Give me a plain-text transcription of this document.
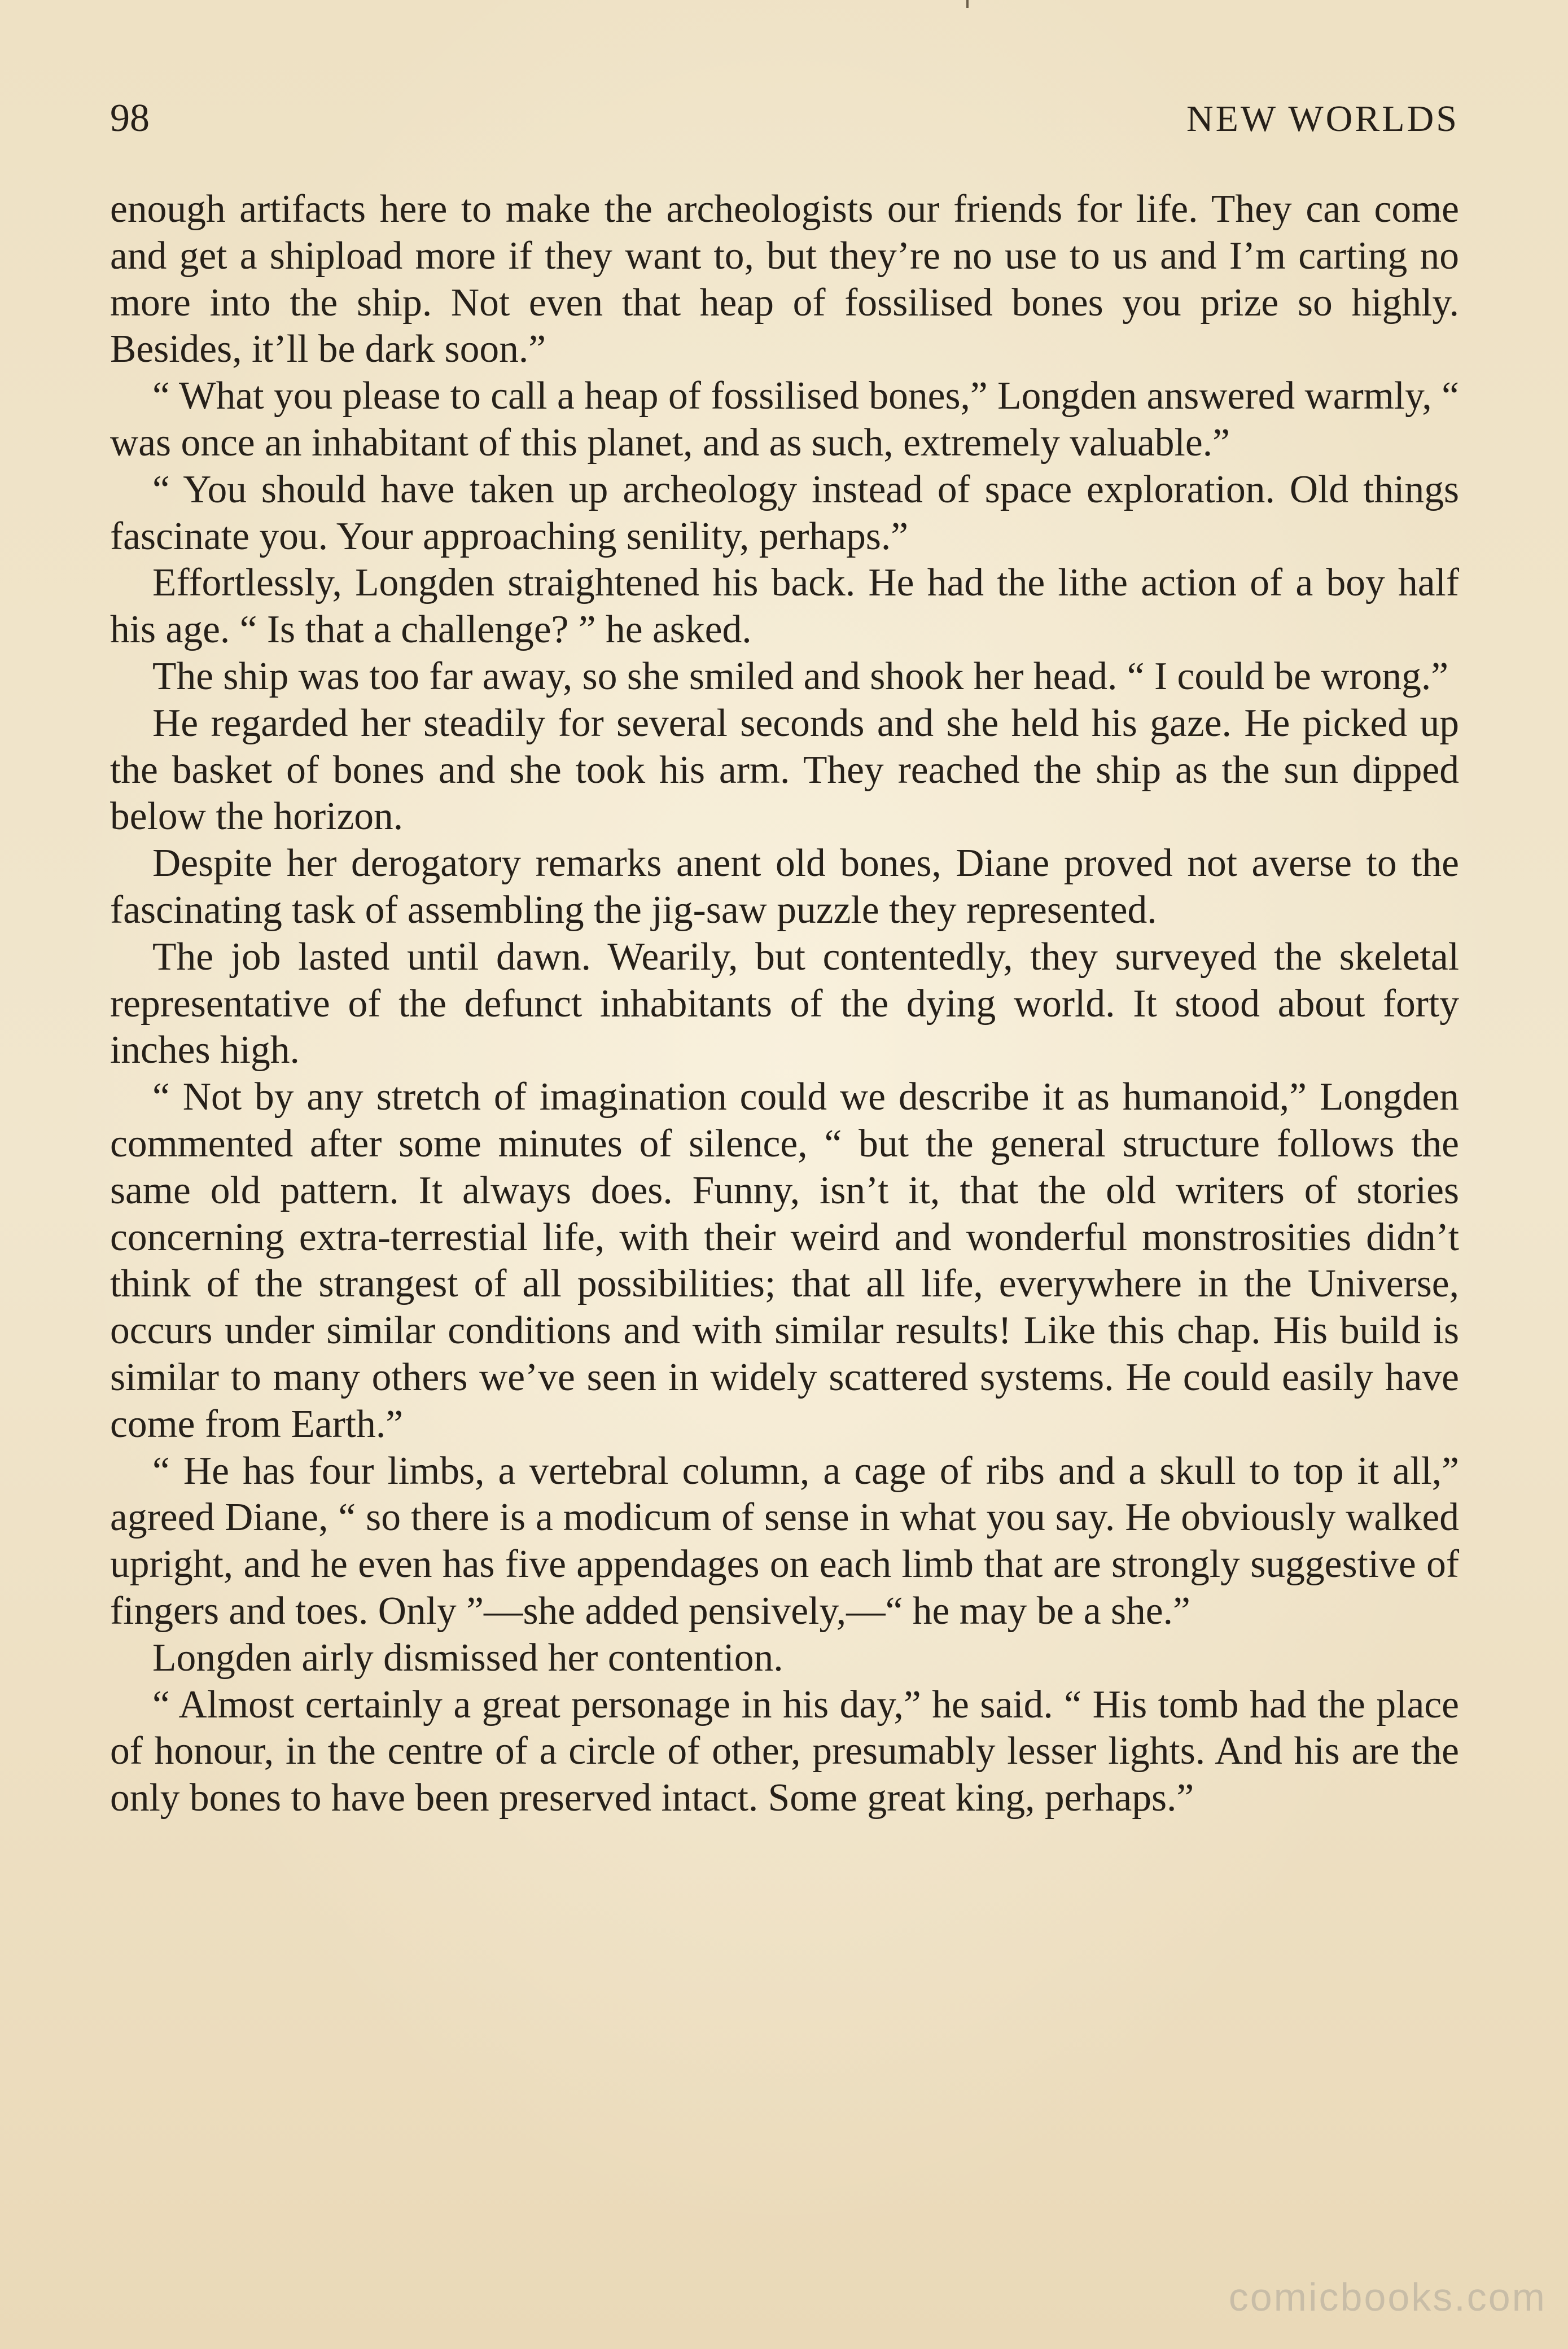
98	NEW WORLDS

enough artifacts here to make the archeologists our friends for life. They can come and get a shipload more if they want to, but they’re no use to us and I’m carting no more into the ship. Not even that heap of fossilised bones you prize so highly. Besides, it’ll be dark soon.”

“ What you please to call a heap of fossilised bones,” Longden answered warmly, “ was once an inhabitant of this planet, and as such, extremely valuable.”

“ You should have taken up archeology instead of space exploration. Old things fascinate you. Your approaching senility, perhaps.”

Effortlessly, Longden straightened his back. He had the lithe action of a boy half his age. “ Is that a challenge? ” he asked.

The ship was too far away, so she smiled and shook her head. “ I could be wrong.”

He regarded her steadily for several seconds and she held his gaze. He picked up the basket of bones and she took his arm. They reached the ship as the sun dipped below the horizon.

Despite her derogatory remarks anent old bones, Diane proved not averse to the fascinating task of assembling the jig-saw puzzle they represented.

The job lasted until dawn. Wearily, but contentedly, they surveyed the skeletal representative of the defunct inhabitants of the dying world. It stood about forty inches high.

“ Not by any stretch of imagination could we describe it as humanoid,” Longden commented after some minutes of silence, “ but the general structure follows the same old pattern. It always does. Funny, isn’t it, that the old writers of stories concerning extra-terrestial life, with their weird and wonderful monstrosities didn’t think of the strangest of all possibilities; that all life, everywhere in the Universe, occurs under similar conditions and with similar results! Like this chap. His build is similar to many others we’ve seen in widely scattered systems. He could easily have come from Earth.”

“ He has four limbs, a vertebral column, a cage of ribs and a skull to top it all,” agreed Diane, “ so there is a modicum of sense in what you say. He obviously walked upright, and he even has five appendages on each limb that are strongly suggestive of fingers and toes. Only ”—she added pensively,—“ he may be a she.”

Longden airly dismissed her contention.

“ Almost certainly a great personage in his day,” he said. “ His tomb had the place of honour, in the centre of a circle of other, presumably lesser lights. And his are the only bones to have been preserved intact. Some great king, perhaps.”

comicbooks.com
